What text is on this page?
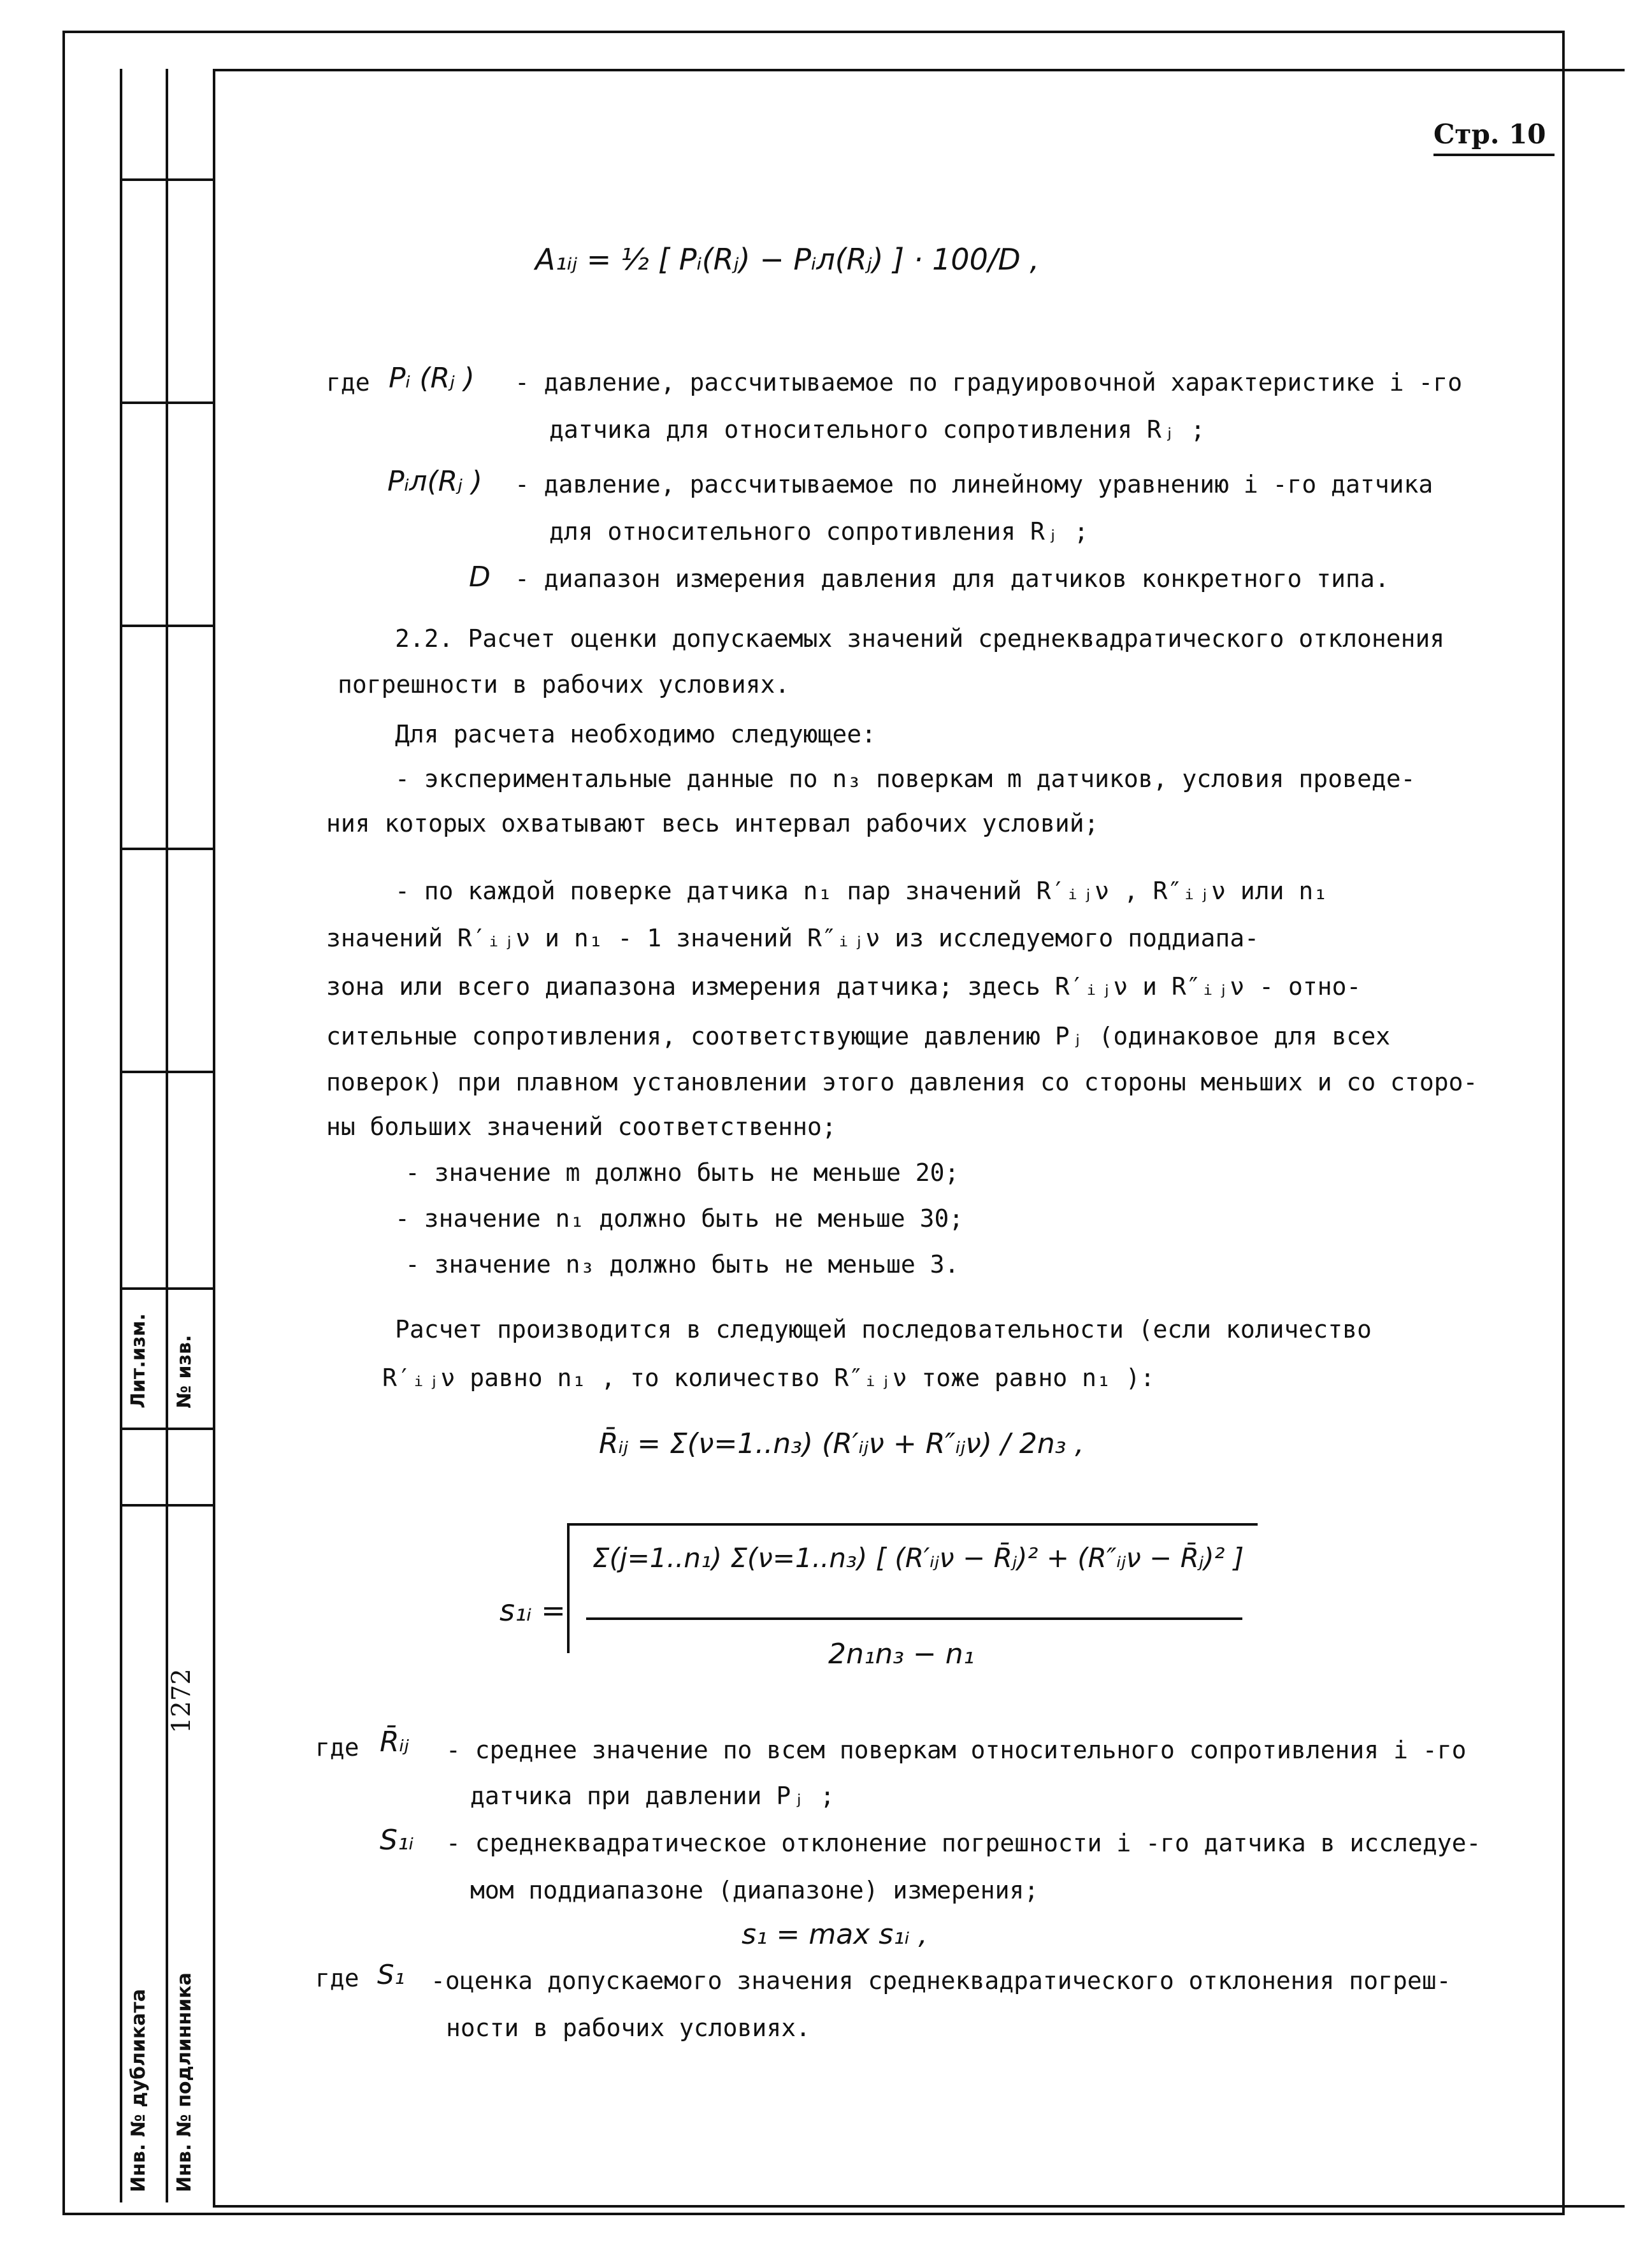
Лит.изм. № изв.
1272
Инв. № дубликата Инв. № подлинника
Стр. 10
A₁ᵢⱼ = ½ [ Pᵢ(Rⱼ) − Pᵢл(Rⱼ) ] · 100/D ,
где Pᵢ (Rⱼ ) - давление, рассчитываемое по градуировочной характеристике i -го
датчика для относительного сопротивления Rⱼ ;
Pᵢл(Rⱼ ) - давление, рассчитываемое по линейному уравнению i -го датчика
для относительного сопротивления Rⱼ ;
D - диапазон измерения давления для датчиков конкретного типа.
2.2. Расчет оценки допускаемых значений среднеквадратического отклонения
погрешности в рабочих условиях.
Для расчета необходимо следующее:
- экспериментальные данные по n₃ поверкам m датчиков, условия проведе-
ния которых охватывают весь интервал рабочих условий;
- по каждой поверке датчика n₁ пар значений R′ᵢⱼν , R″ᵢⱼν или n₁
значений R′ᵢⱼν и n₁ - 1 значений R″ᵢⱼν из исследуемого поддиапа-
зона или всего диапазона измерения датчика; здесь R′ᵢⱼν и R″ᵢⱼν - отно-
сительные сопротивления, соответствующие давлению Pⱼ (одинаковое для всех
поверок) при плавном установлении этого давления со стороны меньших и со сторо-
ны больших значений соответственно;
- значение m должно быть не меньше 20;
- значение n₁ должно быть не меньше 30;
- значение n₃ должно быть не меньше 3.
Расчет производится в следующей последовательности (если количество
R′ᵢⱼν равно n₁ , то количество R″ᵢⱼν тоже равно n₁ ):
R̄ᵢⱼ = Σ(ν=1..n₃) (R′ᵢⱼν + R″ᵢⱼν) / 2n₃ ,
s₁ᵢ =
Σ(j=1..n₁) Σ(ν=1..n₃) [ (R′ᵢⱼν − R̄ⱼ)² + (R″ᵢⱼν − R̄ⱼ)² ]
2n₁n₃ − n₁
где R̄ᵢⱼ - среднее значение по всем поверкам относительного сопротивления i -го
датчика при давлении Pⱼ ;
S₁ᵢ - среднеквадратическое отклонение погрешности i -го датчика в исследуе-
мом поддиапазоне (диапазоне) измерения;
s₁ = max s₁ᵢ ,
где S₁ -оценка допускаемого значения среднеквадратического отклонения погреш-
ности в рабочих условиях.
